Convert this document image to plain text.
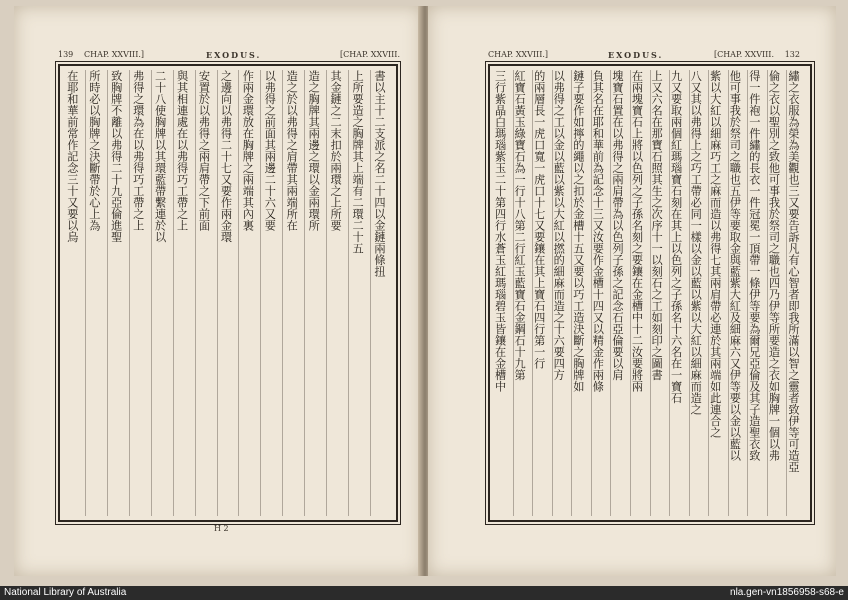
139 CHAP. XXVIII.]	EXODUS.	[CHAP. XXVIII.
書以主十二支派之名二十四以金鏈兩條扭
上所要造之胸牌其上端有二環二十五
其金鏈之二末扣於兩環之上所要
造之胸牌其兩邊之環以金兩環所
造之於以弗得之肩帶其兩端所在
以弗得之前面其兩邊二十六又要
作兩金環放在胸牌之兩端其內裏
之邊向以弗得二十七又要作兩金環
安置於以弗得之兩肩帶之下前面
與其相連處在以弗得巧工帶之上
二十八使胸牌以其環藍帶繫連於以
弗得之環為在以弗得巧工帶之上
致胸牌不離以弗得二十九亞倫進聖
所時必以胸牌之決斷帶於心上為
在耶和華前常作記念三十又要以烏
H 2
CHAP. XXVIII.]	EXODUS.	[CHAP. XXVIII. 132
繡之衣服為榮為美觀也三又要告訴凡有心智者即我所滿以智之靈者致伊等可造亞
倫之衣以聖別之致他可事我於祭司之職也四乃伊等所要造之衣如胸牌一個以弗
得一件袍一件繡的長衣一件冠冕一頂帶一條伊等要為爾兄亞倫及其子造聖衣致
他可事我於祭司之職也五伊等要取金與藍紫大紅及細麻六又伊等要以金以藍以
紫以大紅以細麻巧工之麻而造以弗得七其兩肩帶必連於其兩端如此連合之
八又其以弗得上之巧工帶必同一樣以金以藍以紫以大紅以細麻而造之
九又要取兩個紅瑪瑙寶石刻在其上以色列之子孫名十六名在一寶石
上又六名在那寶石照其生之次序十一以刻石之工如刻印之圖書
在兩塊寶石上將以色列之子孫名刻之要鑲在金槽中十二汝要將兩
塊寶石置在以弗得之兩肩帶為以色列子孫之記念石亞倫要以肩
負其名在耶和華前為記念十三又汝要作金槽十四又以精金作兩條
鏈子要作如擰的繩以之扣於金槽十五又要以巧工造決斷之胸牌如
以弗得之工以金以藍以紫以大紅以撚的細麻而造之十六要四方
的兩層長一虎口寬一虎口十七又要鑲在其上寶石四行第一行
紅寶石黃玉綠寶石為一行十八第二行紅玉藍寶石金鋼石十九第
三行紫晶白瑪瑙紫玉二十第四行水蒼玉紅瑪瑙碧玉皆鑲在金槽中
National Library of Australia	nla.gen-vn1856958-s68-e
